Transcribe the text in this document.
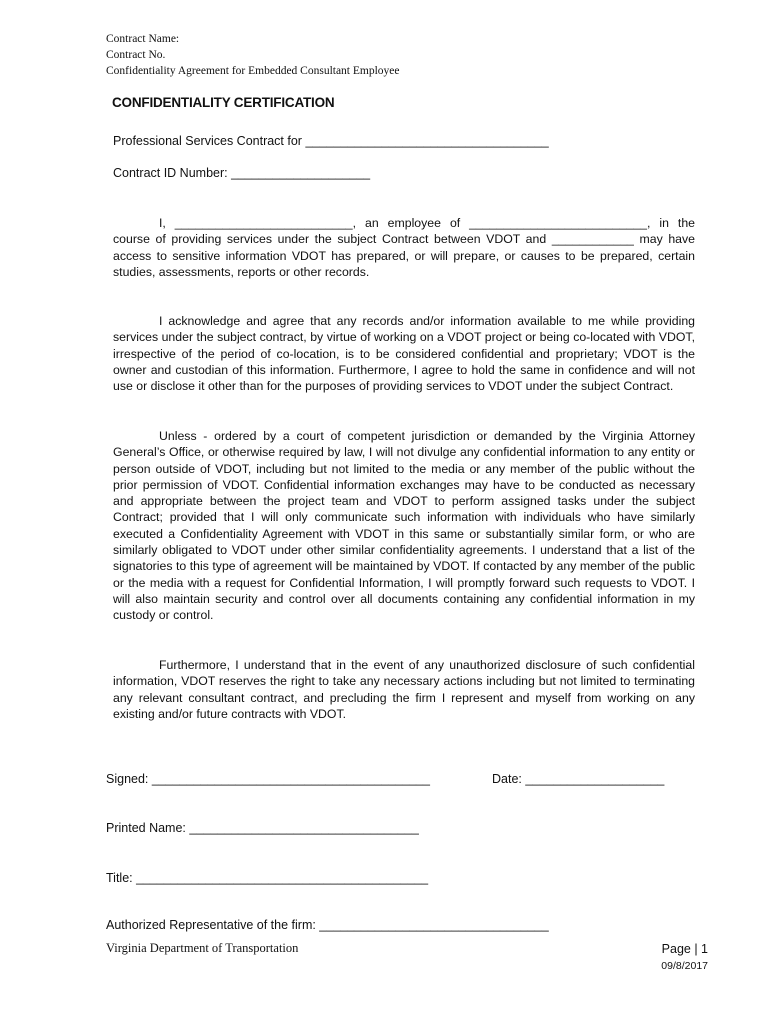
Contract Name:
Contract No.
Confidentiality Agreement for Embedded Consultant Employee
CONFIDENTIALITY CERTIFICATION
Professional Services Contract for ___________________________________
Contract ID Number: ____________________

I, __________________________, an employee of __________________________, in the course of providing services under the subject Contract between VDOT and ____________ may have access to sensitive information VDOT has prepared, or will prepare, or causes to be prepared, certain studies, assessments, reports or other records.

I acknowledge and agree that any records and/or information available to me while providing services under the subject contract, by virtue of working on a VDOT project or being co-located with VDOT, irrespective of the period of co-location, is to be considered confidential and proprietary; VDOT is the owner and custodian of this information. Furthermore, I agree to hold the same in confidence and will not use or disclose it other than for the purposes of providing services to VDOT under the subject Contract.

Unless - ordered by a court of competent jurisdiction or demanded by the Virginia Attorney General’s Office, or otherwise required by law, I will not divulge any confidential information to any entity or person outside of VDOT, including but not limited to the media or any member of the public without the prior permission of VDOT. Confidential information exchanges may have to be conducted as necessary and appropriate between the project team and VDOT to perform assigned tasks under the subject Contract; provided that I will only communicate such information with individuals who have similarly executed a Confidentiality Agreement with VDOT in this same or substantially similar form, or who are similarly obligated to VDOT under other similar confidentiality agreements. I understand that a list of the signatories to this type of agreement will be maintained by VDOT. If contacted by any member of the public or the media with a request for Confidential Information, I will promptly forward such requests to VDOT. I will also maintain security and control over all documents containing any confidential information in my custody or control.

Furthermore, I understand that in the event of any unauthorized disclosure of such confidential information, VDOT reserves the right to take any necessary actions including but not limited to terminating any relevant consultant contract, and precluding the firm I represent and myself from working on any existing and/or future contracts with VDOT.

Signed: ________________________________________	Date: ____________________
Printed Name: _________________________________
Title: __________________________________________
Authorized Representative of the firm: _________________________________
Virginia Department of Transportation	Page | 1
09/8/2017
